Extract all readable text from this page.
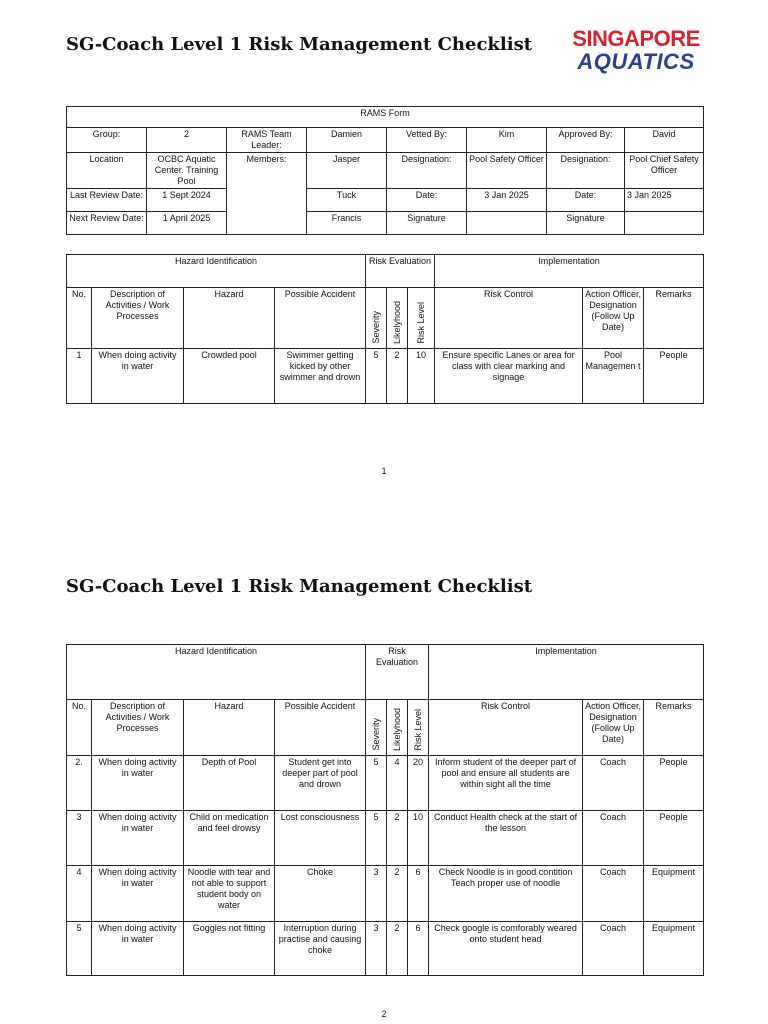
SG-Coach Level 1 Risk Management Checklist SINGAPORE
AQUATICS
RAMS Form							
Group:	2	RAMS Team Leader:	Damien	Vetted By:	Kim	Approved By:	David
Location	OCBC Aquatic Center. Training Pool	Members:	Jasper	Designation:	Pool Safety Officer	Designation:	Pool Chief Safety Officer
Last Review Date:	1 Sept 2024		Tuck	Date:	3 Jan 2025	Date:	3 Jan 2025
Next Review Date:	1 April 2025		Francis	Signature		Signature	
Hazard Identification				Risk Evaluation			Implementation		
No.	Description of Activities / Work Processes	Hazard	Possible Accident	Severity	Likelyhood	Risk Level	Risk Control	Action Officer, Designation (Follow Up Date)	Remarks
1	When doing activity in water	Crowded pool	Swimmer getting kicked by other swimmer and drown	5	2	10	Ensure specific Lanes or area for class with clear marking and signage	Pool Managemen t	People
1
SG-Coach Level 1 Risk Management Checklist
Hazard Identification				Risk Evaluation			Implementation		
No.	Description of Activities / Work Processes	Hazard	Possible Accident	Severity	Likelyhood	Risk Level	Risk Control	Action Officer, Designation (Follow Up Date)	Remarks
2.	When doing activity in water	Depth of Pool	Student get into deeper part of pool and drown	5	4	20	Inform student of the deeper part of pool and ensure all students are within sight all the time	Coach	People
3	When doing activity in water	Child on medication and feel drowsy	Lost consciousness	5	2	10	Conduct Health check at the start of the lesson	Coach	People
4	When doing activity in water	Noodle with tear and not able to support student body on water	Choke	3	2	6	Check Noodle is in good contition Teach proper use of noodle	Coach	Equipment
5	When doing activity in water	Goggles not fitting	Interruption during practise and causing choke	3	2	6	Check google is comforably weared onto student head	Coach	Equipment
2
